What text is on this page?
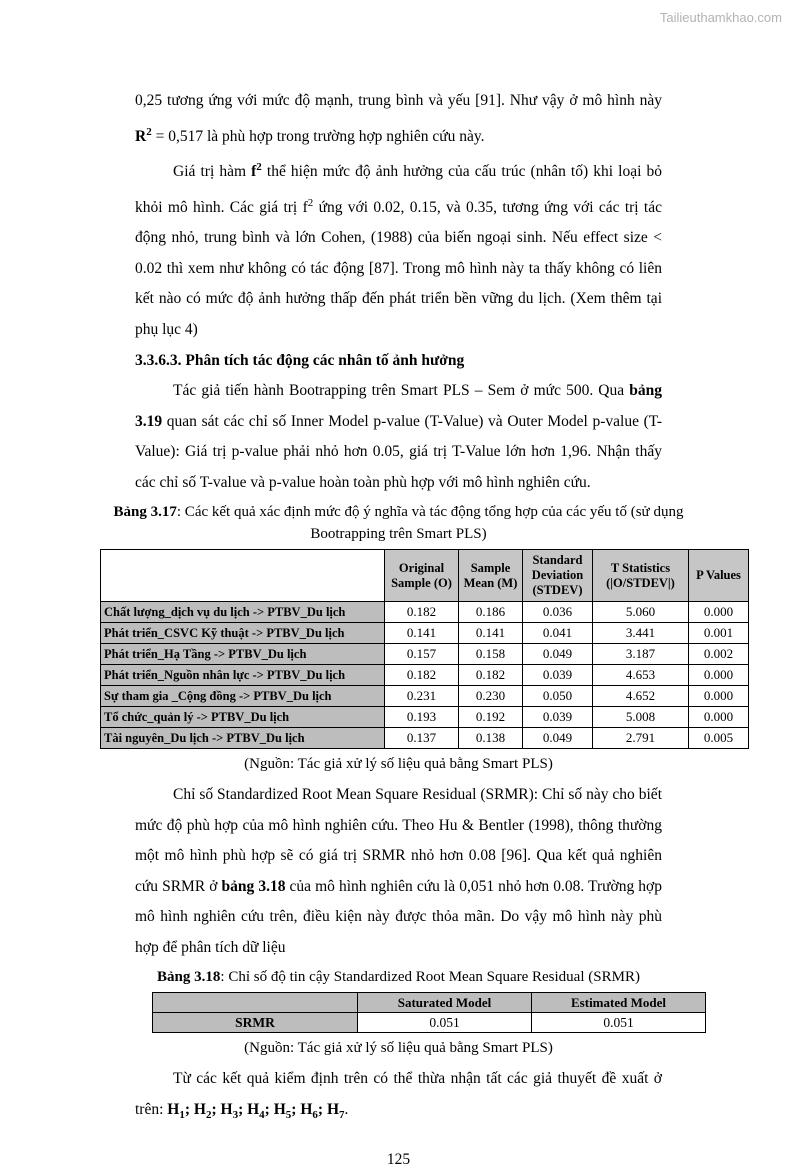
Tailieuthamkhao.com

0,25 tương ứng với mức độ mạnh, trung bình và yếu [91]. Như vậy ở mô hình này $R^2 = 0,517$ là phù hợp trong trường hợp nghiên cứu này.

Giá trị hàm $f^2$ thể hiện mức độ ảnh hưởng của cấu trúc (nhân tố) khi loại bỏ khỏi mô hình. Các giá trị $f^2$ ứng với 0.02, 0.15, và 0.35, tương ứng với các trị tác động nhỏ, trung bình và lớn Cohen, (1988) của biến ngoại sinh. Nếu effect size < 0.02 thì xem như không có tác động [87]. Trong mô hình này ta thấy không có liên kết nào có mức độ ảnh hưởng thấp đến phát triển bền vững du lịch. (Xem thêm tại phụ lục 4)

3.3.6.3. Phân tích tác động các nhân tố ảnh hưởng

Tác giả tiến hành Bootrapping trên Smart PLS – Sem ở mức 500. Qua bảng 3.19 quan sát các chỉ số Inner Model p-value (T-Value) và Outer Model p-value (T-Value): Giá trị p-value phải nhỏ hơn 0.05, giá trị T-Value lớn hơn 1,96. Nhận thấy các chỉ số T-value và p-value hoàn toàn phù hợp với mô hình nghiên cứu.

Bảng 3.17: Các kết quả xác định mức độ ý nghĩa và tác động tổng hợp của các yếu tố (sử dụng Bootrapping trên Smart PLS)
	Original Sample (O)	Sample Mean (M)	Standard Deviation (STDEV)	T Statistics (|O/STDEV|)	P Values
Chất lượng_dịch vụ du lịch -> PTBV_Du lịch	0.182	0.186	0.036	5.060	0.000
Phát triển_CSVC Kỹ thuật -> PTBV_Du lịch	0.141	0.141	0.041	3.441	0.001
Phát triển_Hạ Tầng -> PTBV_Du lịch	0.157	0.158	0.049	3.187	0.002
Phát triển_Nguồn nhân lực -> PTBV_Du lịch	0.182	0.182	0.039	4.653	0.000
Sự tham gia _Cộng đồng -> PTBV_Du lịch	0.231	0.230	0.050	4.652	0.000
Tổ chức_quản lý -> PTBV_Du lịch	0.193	0.192	0.039	5.008	0.000
Tài nguyên_Du lịch -> PTBV_Du lịch	0.137	0.138	0.049	2.791	0.005
(Nguồn: Tác giả xử lý số liệu quả bằng Smart PLS)

Chỉ số Standardized Root Mean Square Residual (SRMR): Chỉ số này cho biết mức độ phù hợp của mô hình nghiên cứu. Theo Hu & Bentler (1998), thông thường một mô hình phù hợp sẽ có giá trị SRMR nhỏ hơn 0.08 [96]. Qua kết quả nghiên cứu SRMR ở bảng 3.18 của mô hình nghiên cứu là 0,051 nhỏ hơn 0.08. Trường hợp mô hình nghiên cứu trên, điều kiện này được thỏa mãn. Do vậy mô hình này phù hợp để phân tích dữ liệu

Bảng 3.18: Chỉ số độ tin cậy Standardized Root Mean Square Residual (SRMR)
	Saturated Model	Estimated Model
SRMR	0.051	0.051
(Nguồn: Tác giả xử lý số liệu quả bằng Smart PLS)

Từ các kết quả kiểm định trên có thể thừa nhận tất các giả thuyết đề xuất ở trên: $H_1$; $H_2$; $H_3$; $H_4$; $H_5$; $H_6$; $H_7$.

125
